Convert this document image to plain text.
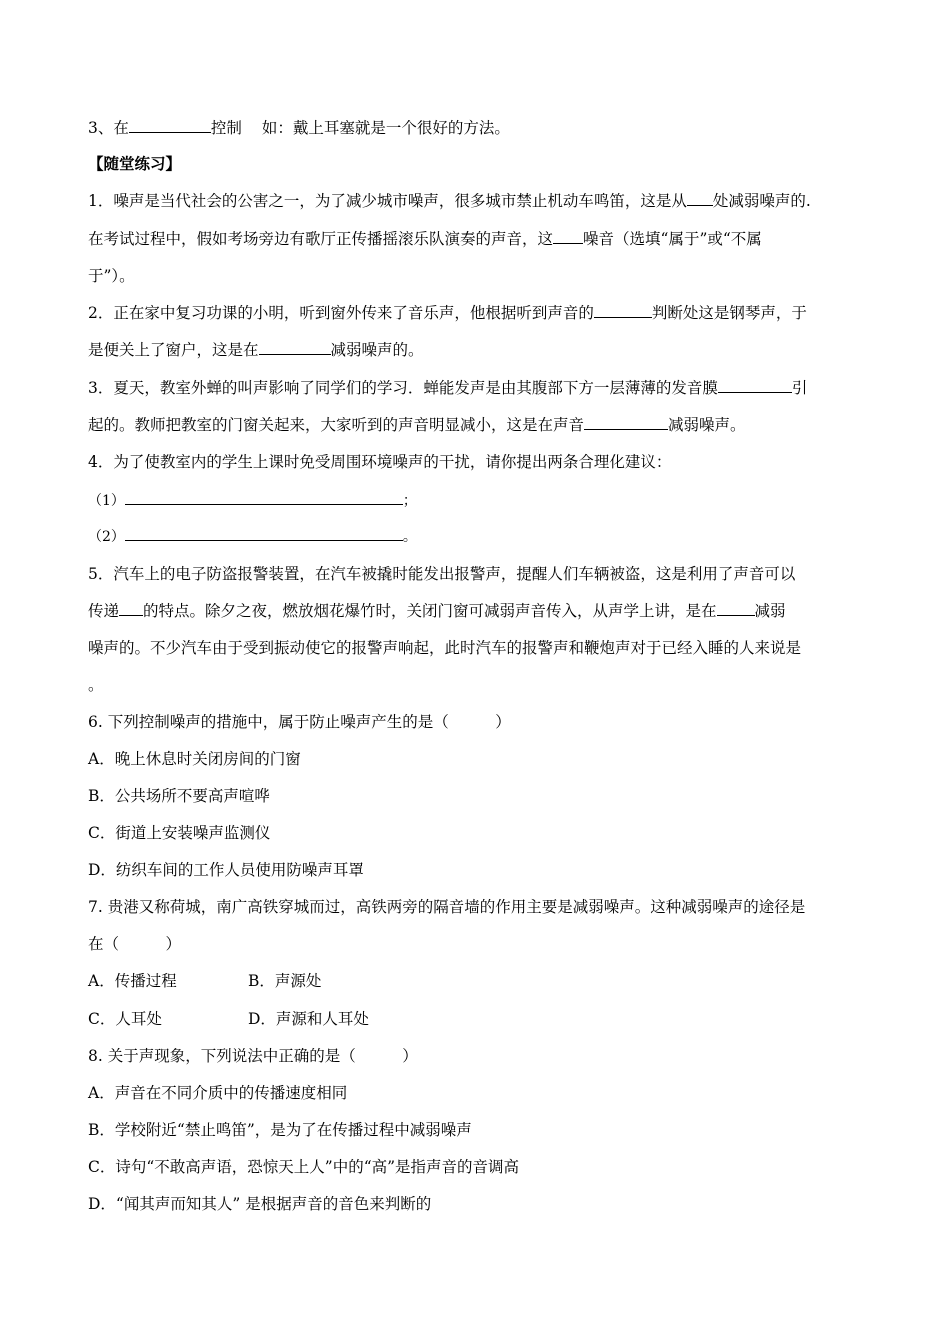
3、在	控制 如：戴上耳塞就是一个很好的方法。
【随堂练习】
1．噪声是当代社会的公害之一，为了减少城市噪声，很多城市禁止机动车鸣笛，这是从 处减弱噪声的.
在考试过程中，假如考场旁边有歌厅正传播摇滚乐队演奏的声音，这 噪音（选填“属于”或“不属
于”）。
2．正在家中复习功课的小明，听到窗外传来了音乐声，他根据听到声音的	判断处这是钢琴声，于
是便关上了窗户，这是在	减弱噪声的。
3．夏天，教室外蝉的叫声影响了同学们的学习．蝉能发声是由其腹部下方一层薄薄的发音膜	引
起的。教师把教室的门窗关起来，大家听到的声音明显减小，这是在声音	减弱噪声。
4．为了使教室内的学生上课时免受周围环境噪声的干扰，请你提出两条合理化建议：
（1）	；
（2）	。
5．汽车上的电子防盗报警装置，在汽车被撬时能发出报警声，提醒人们车辆被盗，这是利用了声音可以
传递 的特点。除夕之夜，燃放烟花爆竹时，关闭门窗可减弱声音传入，从声学上讲，是在 减弱
噪声的。不少汽车由于受到振动使它的报警声响起，此时汽车的报警声和鞭炮声对于已经入睡的人来说是
。
6. 下列控制噪声的措施中，属于防止噪声产生的是（　　　）
A．晚上休息时关闭房间的门窗
B．公共场所不要高声喧哗
C．街道上安装噪声监测仪
D．纺织车间的工作人员使用防噪声耳罩
7. 贵港又称荷城，南广高铁穿城而过，高铁两旁的隔音墙的作用主要是减弱噪声。这种减弱噪声的途径是
在（　　　）
A．传播过程	B．声源处
C．人耳处	D．声源和人耳处
8. 关于声现象，下列说法中正确的是（　　　）
A．声音在不同介质中的传播速度相同
B．学校附近“禁止鸣笛”，是为了在传播过程中减弱噪声
C．诗句“不敢高声语，恐惊天上人”中的“高”是指声音的音调高
D．“闻其声而知其人” 是根据声音的音色来判断的
